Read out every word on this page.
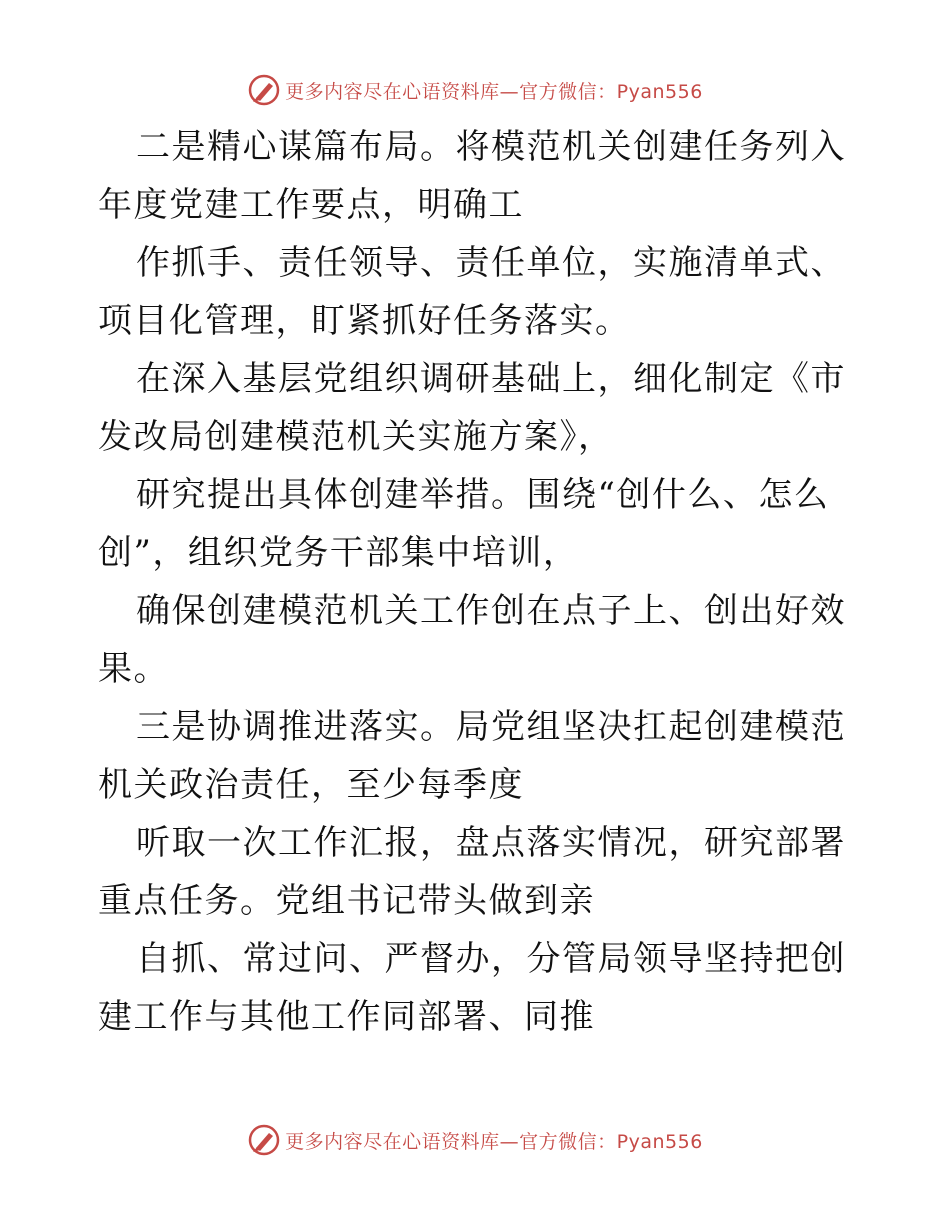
更多内容尽在心语资料库—官方微信：Pyan556

二是精心谋篇布局。将模范机关创建任务列入年度党建工作要点，明确工

作抓手、责任领导、责任单位，实施清单式、项目化管理，盯紧抓好任务落实。

在深入基层党组织调研基础上，细化制定《市发改局创建模范机关实施方案》，

研究提出具体创建举措。围绕“创什么、怎么创”，组织党务干部集中培训，

确保创建模范机关工作创在点子上、创出好效果。

三是协调推进落实。局党组坚决扛起创建模范机关政治责任，至少每季度

听取一次工作汇报，盘点落实情况，研究部署重点任务。党组书记带头做到亲

自抓、常过问、严督办，分管局领导坚持把创建工作与其他工作同部署、同推

更多内容尽在心语资料库—官方微信：Pyan556
